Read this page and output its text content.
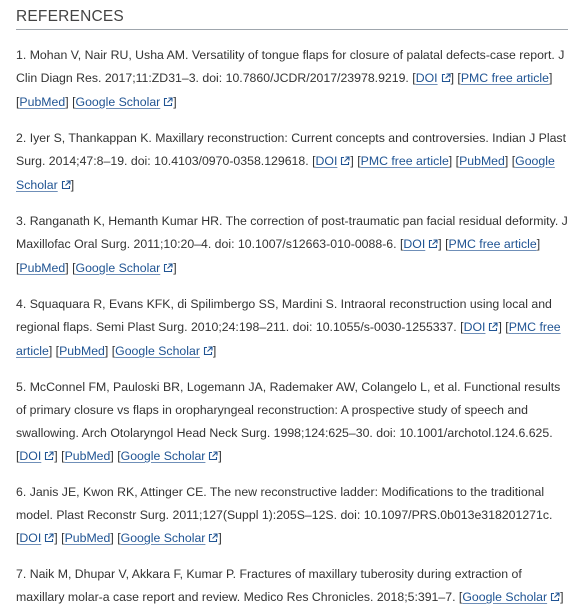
REFERENCES
1. Mohan V, Nair RU, Usha AM. Versatility of tongue flaps for closure of palatal defects-case report. J Clin Diagn Res. 2017;11:ZD31–3. doi: 10.7860/JCDR/2017/23978.9219. [DOI ] [PMC free article] [PubMed] [Google Scholar ]
2. Iyer S, Thankappan K. Maxillary reconstruction: Current concepts and controversies. Indian J Plast Surg. 2014;47:8–19. doi: 10.4103/0970-0358.129618. [DOI ] [PMC free article] [PubMed] [Google Scholar ]
3. Ranganath K, Hemanth Kumar HR. The correction of post-traumatic pan facial residual deformity. J Maxillofac Oral Surg. 2011;10:20–4. doi: 10.1007/s12663-010-0088-6. [DOI ] [PMC free article] [PubMed] [Google Scholar ]
4. Squaquara R, Evans KFK, di Spilimbergo SS, Mardini S. Intraoral reconstruction using local and regional flaps. Semi Plast Surg. 2010;24:198–211. doi: 10.1055/s-0030-1255337. [DOI ] [PMC free article] [PubMed] [Google Scholar ]
5. McConnel FM, Pauloski BR, Logemann JA, Rademaker AW, Colangelo L, et al. Functional results of primary closure vs flaps in oropharyngeal reconstruction: A prospective study of speech and swallowing. Arch Otolaryngol Head Neck Surg. 1998;124:625–30. doi: 10.1001/archotol.124.6.625. [DOI ] [PubMed] [Google Scholar ]
6. Janis JE, Kwon RK, Attinger CE. The new reconstructive ladder: Modifications to the traditional model. Plast Reconstr Surg. 2011;127(Suppl 1):205S–12S. doi: 10.1097/PRS.0b013e318201271c. [DOI ] [PubMed] [Google Scholar ]
7. Naik M, Dhupar V, Akkara F, Kumar P. Fractures of maxillary tuberosity during extraction of maxillary molar-a case report and review. Medico Res Chronicles. 2018;5:391–7. [Google Scholar ]
